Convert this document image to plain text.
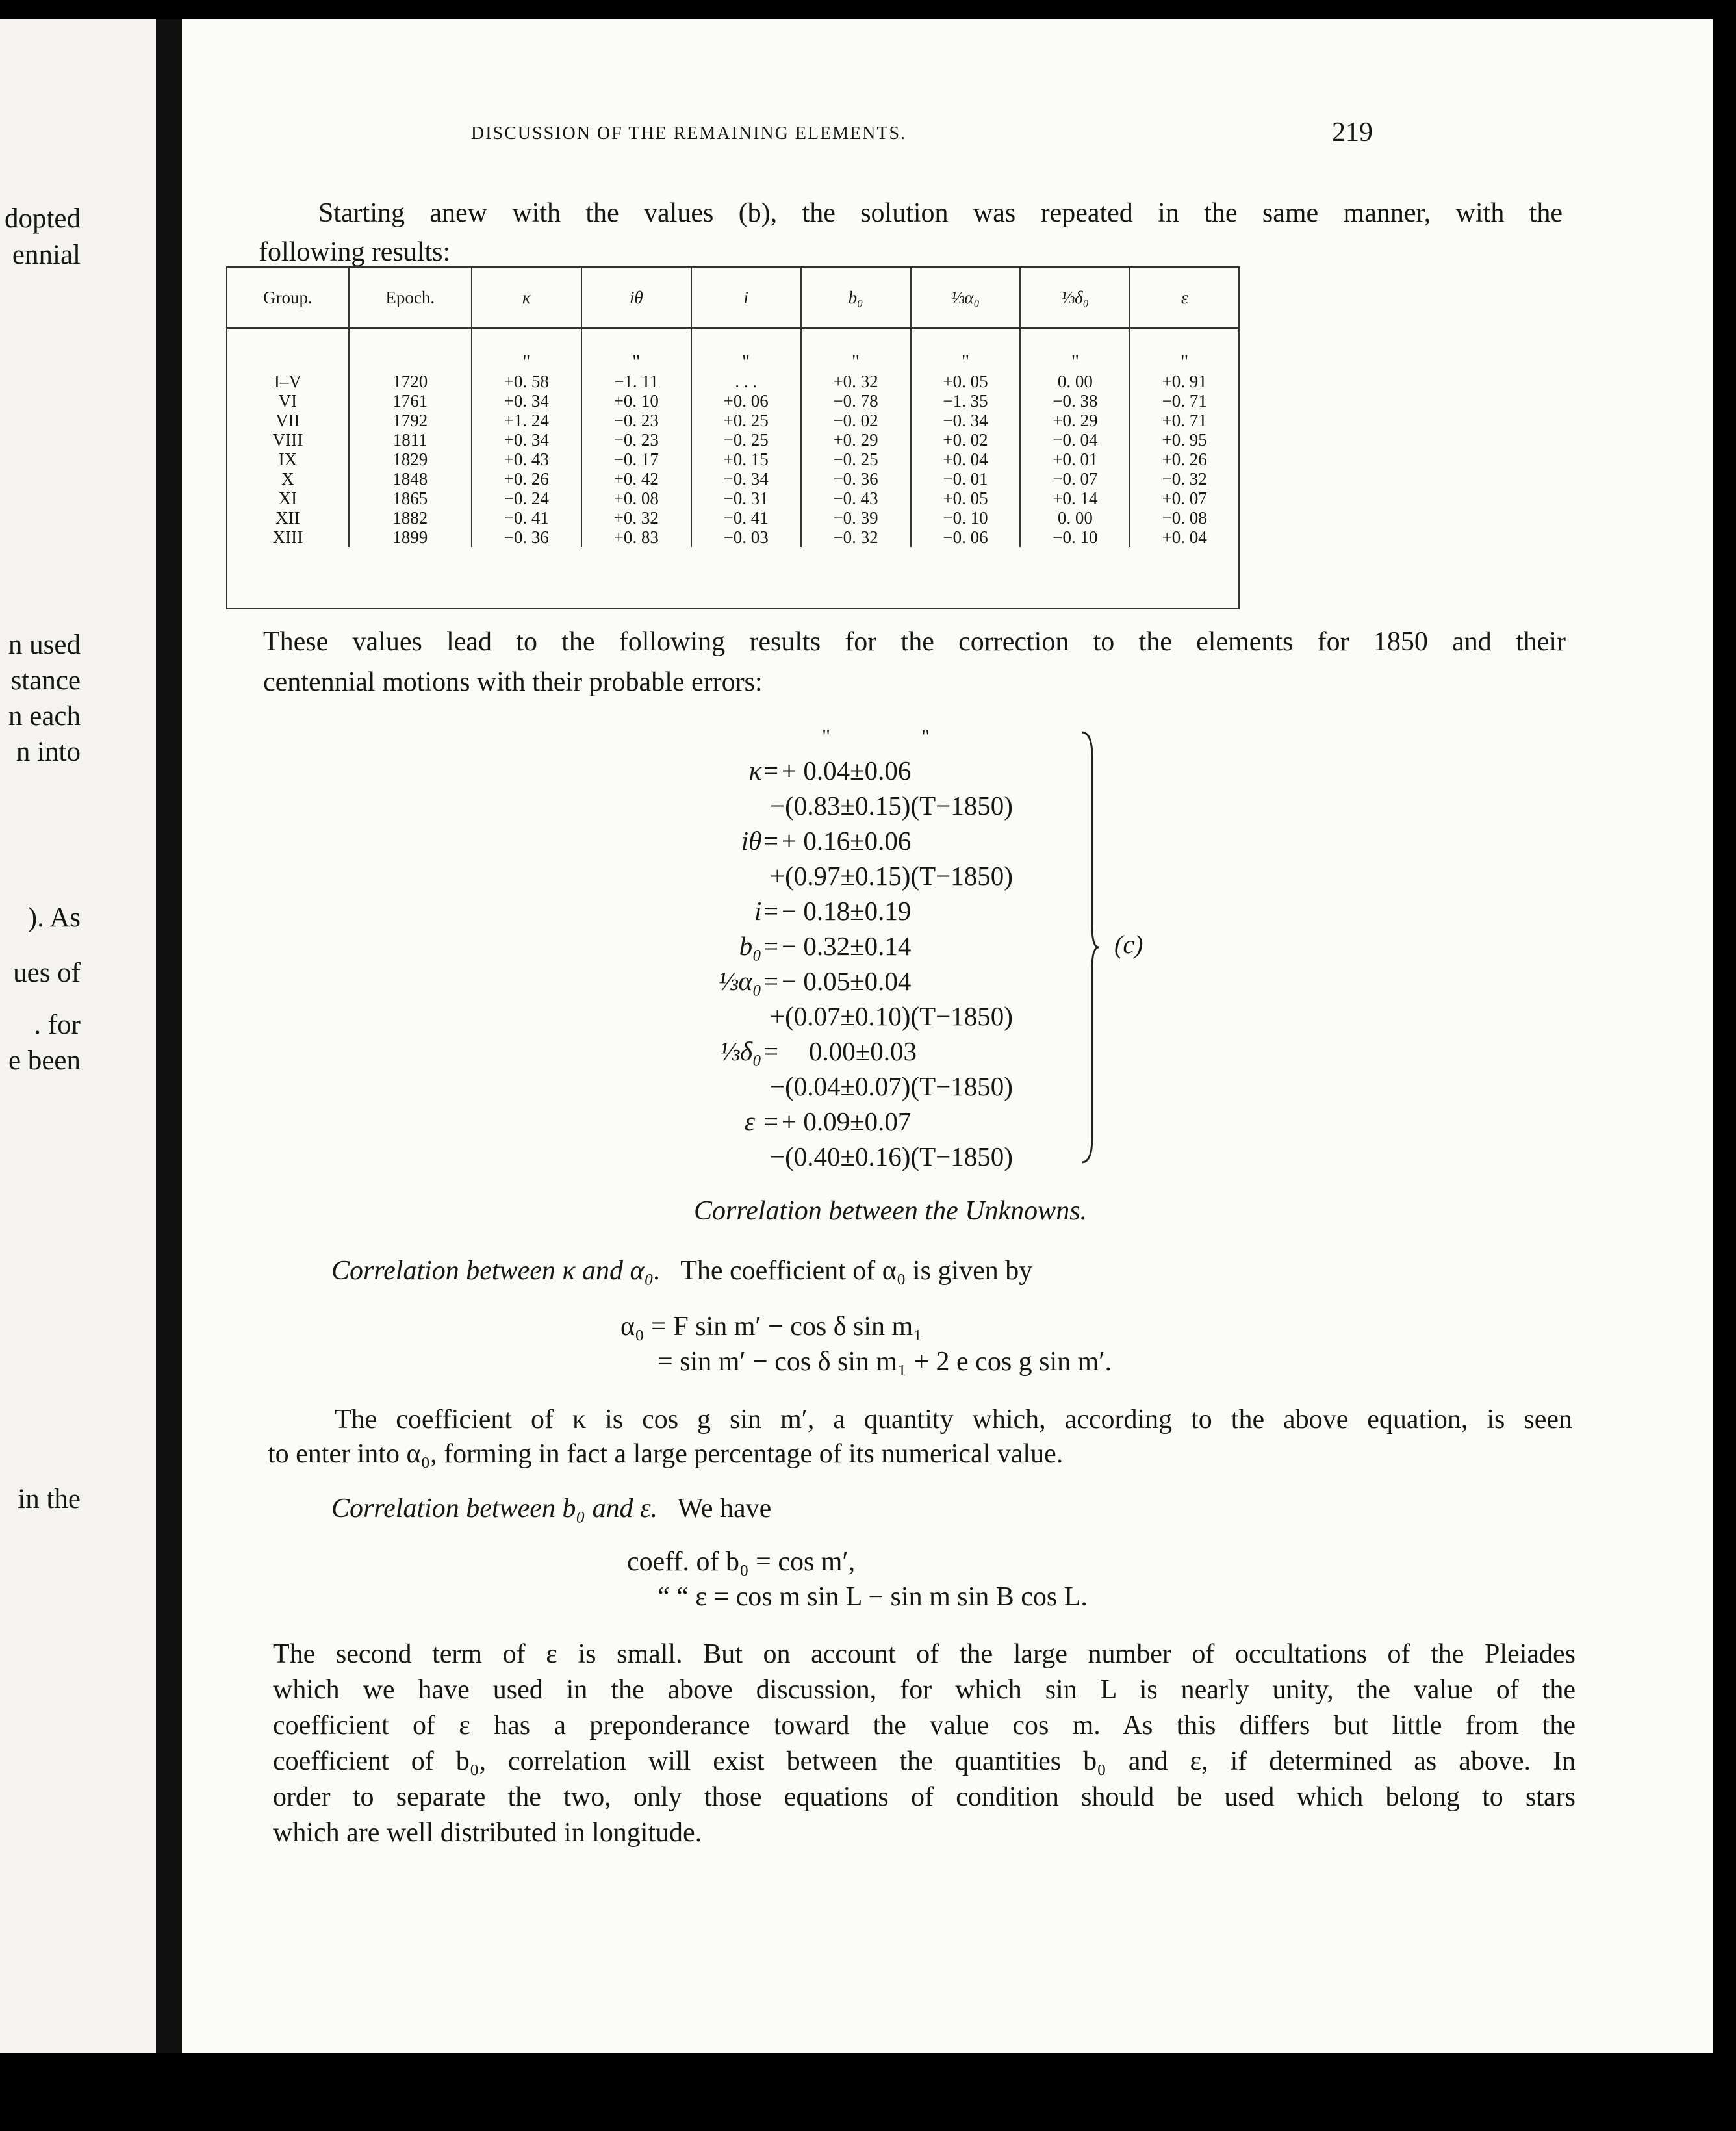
dopted
ennial
n used
stance
n each
n into
). As
ues of
. for
e been
in the
DISCUSSION OF THE REMAINING ELEMENTS.	219
Starting anew with the values (b), the solution was repeated in the same manner, with the
following results:
Group.	Epoch.	κ	iθ	i	b₀	⅓α₀	⅓δ₀	ε
		"	"	"	"	"	"	"
I–V	1720	+0. 58	−1. 11	. . .	+0. 32	+0. 05	0. 00	+0. 91
VI	1761	+0. 34	+0. 10	+0. 06	−0. 78	−1. 35	−0. 38	−0. 71
VII	1792	+1. 24	−0. 23	+0. 25	−0. 02	−0. 34	+0. 29	+0. 71
VIII	1811	+0. 34	−0. 23	−0. 25	+0. 29	+0. 02	−0. 04	+0. 95
IX	1829	+0. 43	−0. 17	+0. 15	−0. 25	+0. 04	+0. 01	+0. 26
X	1848	+0. 26	+0. 42	−0. 34	−0. 36	−0. 01	−0. 07	−0. 32
XI	1865	−0. 24	+0. 08	−0. 31	−0. 43	+0. 05	+0. 14	+0. 07
XII	1882	−0. 41	+0. 32	−0. 41	−0. 39	−0. 10	0. 00	−0. 08
XIII	1899	−0. 36	+0. 83	−0. 03	−0. 32	−0. 06	−0. 10	+0. 04
These values lead to the following results for the correction to the elements for 1850 and their
centennial motions with their probable errors:
"	"
κ= + 0.04±0.06
−(0.83±0.15)(T−1850)
iθ= + 0.16±0.06
+(0.97±0.15)(T−1850)
i= − 0.18±0.19
b₀= − 0.32±0.14
⅓α₀= − 0.05±0.04
+(0.07±0.10)(T−1850)
⅓δ₀= 0.00±0.03
−(0.04±0.07)(T−1850)
ε = + 0.09±0.07
−(0.40±0.16)(T−1850)
(c)
Correlation between the Unknowns.
Correlation between κ and α₀. The coefficient of α₀ is given by
α₀ = F sin m′ − cos δ sin m₁
= sin m′ − cos δ sin m₁ + 2 e cos g sin m′.
The coefficient of κ is cos g sin m′, a quantity which, according to the above equation, is seen
to enter into α₀, forming in fact a large percentage of its numerical value.
Correlation between b₀ and ε. We have
coeff. of b₀ = cos m′,
“ “ ε = cos m sin L − sin m sin B cos L.
The second term of ε is small. But on account of the large number of occultations of the Pleiades
which we have used in the above discussion, for which sin L is nearly unity, the value of the
coefficient of ε has a preponderance toward the value cos m. As this differs but little from the
coefficient of b₀, correlation will exist between the quantities b₀ and ε, if determined as above. In
order to separate the two, only those equations of condition should be used which belong to stars
which are well distributed in longitude.
